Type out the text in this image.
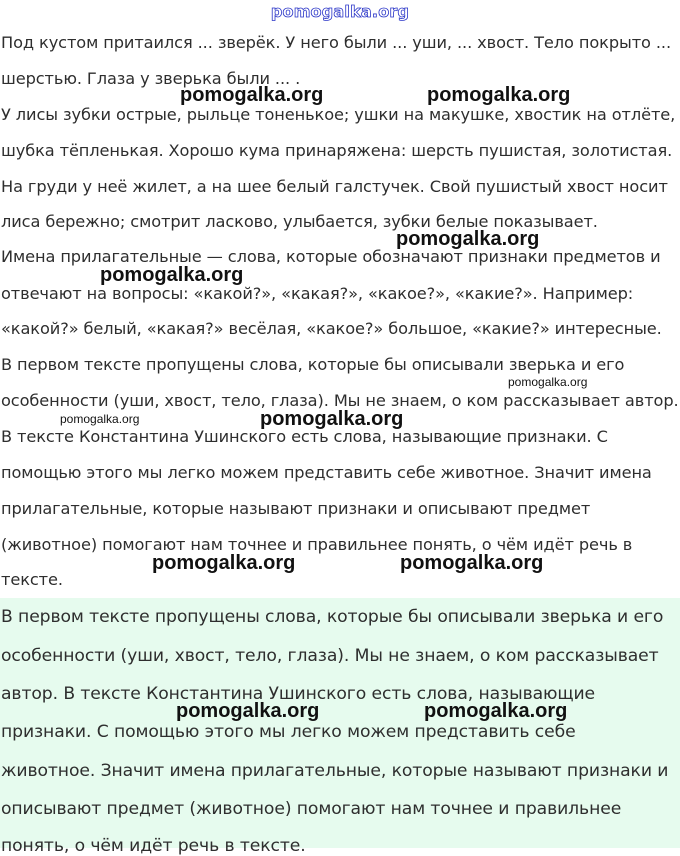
pomogalka.org

Под кустом притаился ... зверёк. У него были ... уши, ... хвост. Тело покрыто ...

шерстью. Глаза у зверька были ... .

У лисы зубки острые, рыльце тоненькое; ушки на макушке, хвостик на отлёте,

шубка тёпленькая. Хорошо кума принаряжена: шерсть пушистая, золотистая.

На груди у неё жилет, а на шее белый галстучек. Свой пушистый хвост носит

лиса бережно; смотрит ласково, улыбается, зубки белые показывает.

Имена прилагательные — слова, которые обозначают признаки предметов и

отвечают на вопросы: «какой?», «какая?», «какое?», «какие?». Например:

«какой?» белый, «какая?» весёлая, «какое?» большое, «какие?» интересные.

В первом тексте пропущены слова, которые бы описывали зверька и его

особенности (уши, хвост, тело, глаза). Мы не знаем, о ком рассказывает автор.

В тексте Константина Ушинского есть слова, называющие признаки. С

помощью этого мы легко можем представить себе животное. Значит имена

прилагательные, которые называют признаки и описывают предмет

(животное) помогают нам точнее и правильнее понять, о чём идёт речь в

тексте.

В первом тексте пропущены слова, которые бы описывали зверька и его

особенности (уши, хвост, тело, глаза). Мы не знаем, о ком рассказывает

автор. В тексте Константина Ушинского есть слова, называющие

признаки. С помощью этого мы легко можем представить себе

животное. Значит имена прилагательные, которые называют признаки и

описывают предмет (животное) помогают нам точнее и правильнее

понять, о чём идёт речь в тексте.

pomogalka.org	pomogalka.org
pomogalka.org
pomogalka.org
pomogalka.org
pomogalka.org	pomogalka.org
pomogalka.org	pomogalka.org
pomogalka.org	pomogalka.org
